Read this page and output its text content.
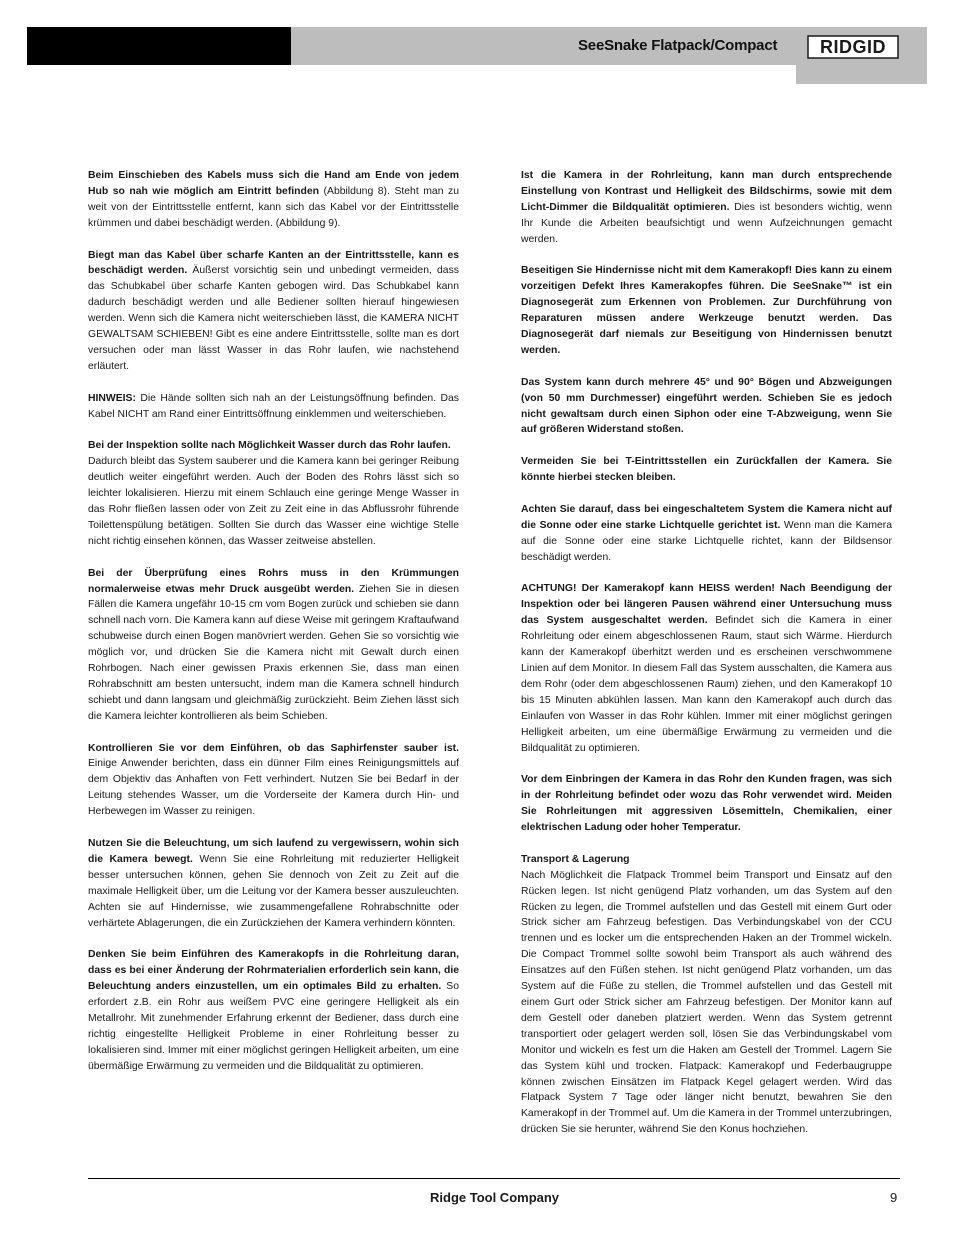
SeeSnake Flatpack/Compact RIDGID

Beim Einschieben des Kabels muss sich die Hand am Ende von jedem Hub so nah wie möglich am Eintritt befinden (Abbildung 8). Steht man zu weit von der Eintrittsstelle entfernt, kann sich das Kabel vor der Eintrittsstelle krümmen und dabei beschädigt werden. (Abbildung 9).

Biegt man das Kabel über scharfe Kanten an der Eintrittsstelle, kann es beschädigt werden. Äußerst vorsichtig sein und unbedingt vermeiden, dass das Schubkabel über scharfe Kanten gebogen wird. Das Schubkabel kann dadurch beschädigt werden und alle Bediener sollten hierauf hingewiesen werden. Wenn sich die Kamera nicht weiterschieben lässt, die KAMERA NICHT GEWALTSAM SCHIEBEN! Gibt es eine andere Eintrittsstelle, sollte man es dort versuchen oder man lässt Wasser in das Rohr laufen, wie nachstehend erläutert.

HINWEIS: Die Hände sollten sich nah an der Leistungsöffnung befinden. Das Kabel NICHT am Rand einer Eintrittsöffnung einklemmen und weiterschieben.

Bei der Inspektion sollte nach Möglichkeit Wasser durch das Rohr laufen.
Dadurch bleibt das System sauberer und die Kamera kann bei geringer Reibung deutlich weiter eingeführt werden. Auch der Boden des Rohrs lässt sich so leichter lokalisieren. Hierzu mit einem Schlauch eine geringe Menge Wasser in das Rohr fließen lassen oder von Zeit zu Zeit eine in das Abflussrohr führende Toilettenspülung betätigen. Sollten Sie durch das Wasser eine wichtige Stelle nicht richtig einsehen können, das Wasser zeitweise abstellen.

Bei der Überprüfung eines Rohrs muss in den Krümmungen normalerweise etwas mehr Druck ausgeübt werden. Ziehen Sie in diesen Fällen die Kamera ungefähr 10-15 cm vom Bogen zurück und schieben sie dann schnell nach vorn. Die Kamera kann auf diese Weise mit geringem Kraftaufwand schubweise durch einen Bogen manövriert werden. Gehen Sie so vorsichtig wie möglich vor, und drücken Sie die Kamera nicht mit Gewalt durch einen Rohrbogen. Nach einer gewissen Praxis erkennen Sie, dass man einen Rohrabschnitt am besten untersucht, indem man die Kamera schnell hindurch schiebt und dann langsam und gleichmäßig zurückzieht. Beim Ziehen lässt sich die Kamera leichter kontrollieren als beim Schieben.

Kontrollieren Sie vor dem Einführen, ob das Saphirfenster sauber ist. Einige Anwender berichten, dass ein dünner Film eines Reinigungsmittels auf dem Objektiv das Anhaften von Fett verhindert. Nutzen Sie bei Bedarf in der Leitung stehendes Wasser, um die Vorderseite der Kamera durch Hin- und Herbewegen im Wasser zu reinigen.

Nutzen Sie die Beleuchtung, um sich laufend zu vergewissern, wohin sich die Kamera bewegt. Wenn Sie eine Rohrleitung mit reduzierter Helligkeit besser untersuchen können, gehen Sie dennoch von Zeit zu Zeit auf die maximale Helligkeit über, um die Leitung vor der Kamera besser auszuleuchten. Achten sie auf Hindernisse, wie zusammengefallene Rohrabschnitte oder verhärtete Ablagerungen, die ein Zurückziehen der Kamera verhindern könnten.

Denken Sie beim Einführen des Kamerakopfs in die Rohrleitung daran, dass es bei einer Änderung der Rohrmaterialien erforderlich sein kann, die Beleuchtung anders einzustellen, um ein optimales Bild zu erhalten. So erfordert z.B. ein Rohr aus weißem PVC eine geringere Helligkeit als ein Metallrohr. Mit zunehmender Erfahrung erkennt der Bediener, dass durch eine richtig eingestellte Helligkeit Probleme in einer Rohrleitung besser zu lokalisieren sind. Immer mit einer möglichst geringen Helligkeit arbeiten, um eine übermäßige Erwärmung zu vermeiden und die Bildqualität zu optimieren.

Ist die Kamera in der Rohrleitung, kann man durch entsprechende Einstellung von Kontrast und Helligkeit des Bildschirms, sowie mit dem Licht-Dimmer die Bildqualität optimieren. Dies ist besonders wichtig, wenn Ihr Kunde die Arbeiten beaufsichtigt und wenn Aufzeichnungen gemacht werden.

Beseitigen Sie Hindernisse nicht mit dem Kamerakopf! Dies kann zu einem vorzeitigen Defekt Ihres Kamerakopfes führen. Die SeeSnake™ ist ein Diagnosegerät zum Erkennen von Problemen. Zur Durchführung von Reparaturen müssen andere Werkzeuge benutzt werden. Das Diagnosegerät darf niemals zur Beseitigung von Hindernissen benutzt werden.

Das System kann durch mehrere 45° und 90° Bögen und Abzweigungen (von 50 mm Durchmesser) eingeführt werden. Schieben Sie es jedoch nicht gewaltsam durch einen Siphon oder eine T-Abzweigung, wenn Sie auf größeren Widerstand stoßen.

Vermeiden Sie bei T-Eintrittsstellen ein Zurückfallen der Kamera. Sie könnte hierbei stecken bleiben.

Achten Sie darauf, dass bei eingeschaltetem System die Kamera nicht auf die Sonne oder eine starke Lichtquelle gerichtet ist. Wenn man die Kamera auf die Sonne oder eine starke Lichtquelle richtet, kann der Bildsensor beschädigt werden.

ACHTUNG! Der Kamerakopf kann HEISS werden! Nach Beendigung der Inspektion oder bei längeren Pausen während einer Untersuchung muss das System ausgeschaltet werden. Befindet sich die Kamera in einer Rohrleitung oder einem abgeschlossenen Raum, staut sich Wärme. Hierdurch kann der Kamerakopf überhitzt werden und es erscheinen verschwommene Linien auf dem Monitor. In diesem Fall das System ausschalten, die Kamera aus dem Rohr (oder dem abgeschlossenen Raum) ziehen, und den Kamerakopf 10 bis 15 Minuten abkühlen lassen. Man kann den Kamerakopf auch durch das Einlaufen von Wasser in das Rohr kühlen. Immer mit einer möglichst geringen Helligkeit arbeiten, um eine übermäßige Erwärmung zu vermeiden und die Bildqualität zu optimieren.

Vor dem Einbringen der Kamera in das Rohr den Kunden fragen, was sich in der Rohrleitung befindet oder wozu das Rohr verwendet wird. Meiden Sie Rohrleitungen mit aggressiven Lösemitteln, Chemikalien, einer elektrischen Ladung oder hoher Temperatur.

Transport & Lagerung
Nach Möglichkeit die Flatpack Trommel beim Transport und Einsatz auf den Rücken legen. Ist nicht genügend Platz vorhanden, um das System auf den Rücken zu legen, die Trommel aufstellen und das Gestell mit einem Gurt oder Strick sicher am Fahrzeug befestigen. Das Verbindungskabel von der CCU trennen und es locker um die entsprechenden Haken an der Trommel wickeln. Die Compact Trommel sollte sowohl beim Transport als auch während des Einsatzes auf den Füßen stehen. Ist nicht genügend Platz vorhanden, um das System auf die Füße zu stellen, die Trommel aufstellen und das Gestell mit einem Gurt oder Strick sicher am Fahrzeug befestigen. Der Monitor kann auf dem Gestell oder daneben platziert werden. Wenn das System getrennt transportiert oder gelagert werden soll, lösen Sie das Verbindungskabel vom Monitor und wickeln es fest um die Haken am Gestell der Trommel. Lagern Sie das System kühl und trocken. Flatpack: Kamerakopf und Federbaugruppe können zwischen Einsätzen im Flatpack Kegel gelagert werden. Wird das Flatpack System 7 Tage oder länger nicht benutzt, bewahren Sie den Kamerakopf in der Trommel auf. Um die Kamera in der Trommel unterzubringen, drücken Sie sie herunter, während Sie den Konus hochziehen.

Ridge Tool Company	9
